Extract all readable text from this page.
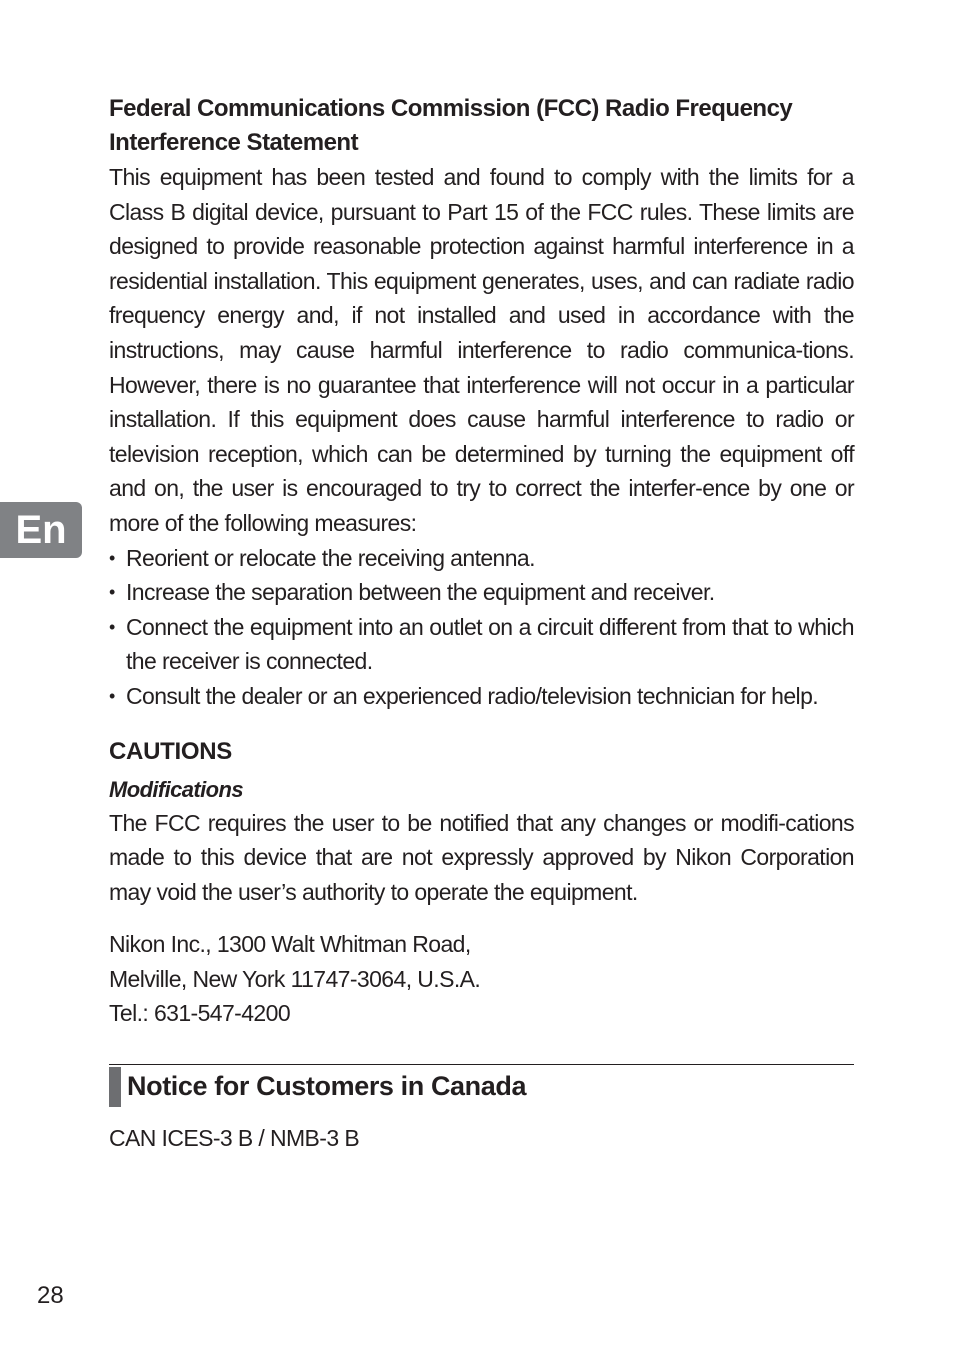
Federal Communications Commission (FCC) Radio Frequency
Interference Statement

This equipment has been tested and found to comply with the limits for a Class B digital device, pursuant to Part 15 of the FCC rules. These limits are designed to provide reasonable protection against harmful interference in a residential installation. This equipment generates, uses, and can radiate radio frequency energy and, if not installed and used in accordance with the instructions, may cause harmful interference to radio communica-tions. However, there is no guarantee that interference will not occur in a particular installation. If this equipment does cause harmful interference to radio or television reception, which can be determined by turning the equipment off and on, the user is encouraged to try to correct the interfer-ence by one or more of the following measures:

• Reorient or relocate the receiving antenna.
• Increase the separation between the equipment and receiver.
• Connect the equipment into an outlet on a circuit different from that to which the receiver is connected.
• Consult the dealer or an experienced radio/television technician for help.
CAUTIONS
Modifications

The FCC requires the user to be notified that any changes or modifi-cations made to this device that are not expressly approved by Nikon Corporation may void the user’s authority to operate the equipment.

Nikon Inc., 1300 Walt Whitman Road,
Melville, New York 11747-3064, U.S.A.
Tel.: 631-547-4200
Notice for Customers in Canada
CAN ICES-3 B / NMB-3 B
En
28
